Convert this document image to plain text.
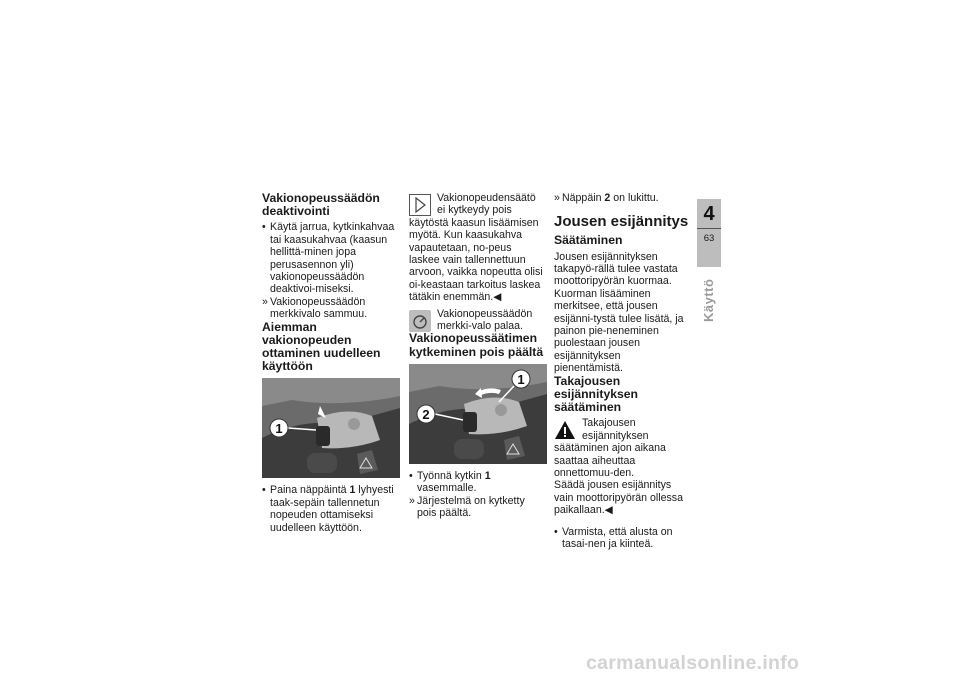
Vakionopeussäädön deaktivointi
• Käytä jarrua, kytkinkahvaa tai kaasukahvaa (kaasun hellittä-minen jopa perusasennon yli) vakionopeussäädön deaktivoi-miseksi.
» Vakionopeussäädön merkkivalo sammuu.
Aiemman vakionopeuden ottaminen uudelleen käyttöön
1
• Paina näppäintä 1 lyhyesti taak-sepäin tallennetun nopeuden ottamiseksi uudelleen käyttöön.
Vakionopeudensäätö ei kytkeydy pois käytöstä kaasun lisäämisen myötä. Kun kaasukahva vapautetaan, no-peus laskee vain tallennettuun arvoon, vaikka nopeutta olisi oi-keastaan tarkoitus laskea tätäkin enemmän.◀
Vakionopeussäädön merkki-valo palaa.
Vakionopeussäätimen kytkeminen pois päältä
1
2
• Työnnä kytkin 1 vasemmalle.
» Järjestelmä on kytketty pois päältä.
» Näppäin 2 on lukittu.
Jousen esijännitys
Säätäminen

Jousen esijännityksen takapyö-rällä tulee vastata moottoripyörän kuormaa. Kuorman lisääminen merkitsee, että jousen esijänni-tystä tulee lisätä, ja painon pie-neneminen puolestaan jousen esijännityksen pienentämistä.

Takajousen esijännityksen säätäminen
Takajousen esijännityksen säätäminen ajon aikana saattaa aiheuttaa onnettomuu-den.

Säädä jousen esijännitys vain moottoripyörän ollessa paikallaan.◀

• Varmista, että alusta on tasai-nen ja kiinteä.
4
63
Käyttö
carmanualsonline.info
